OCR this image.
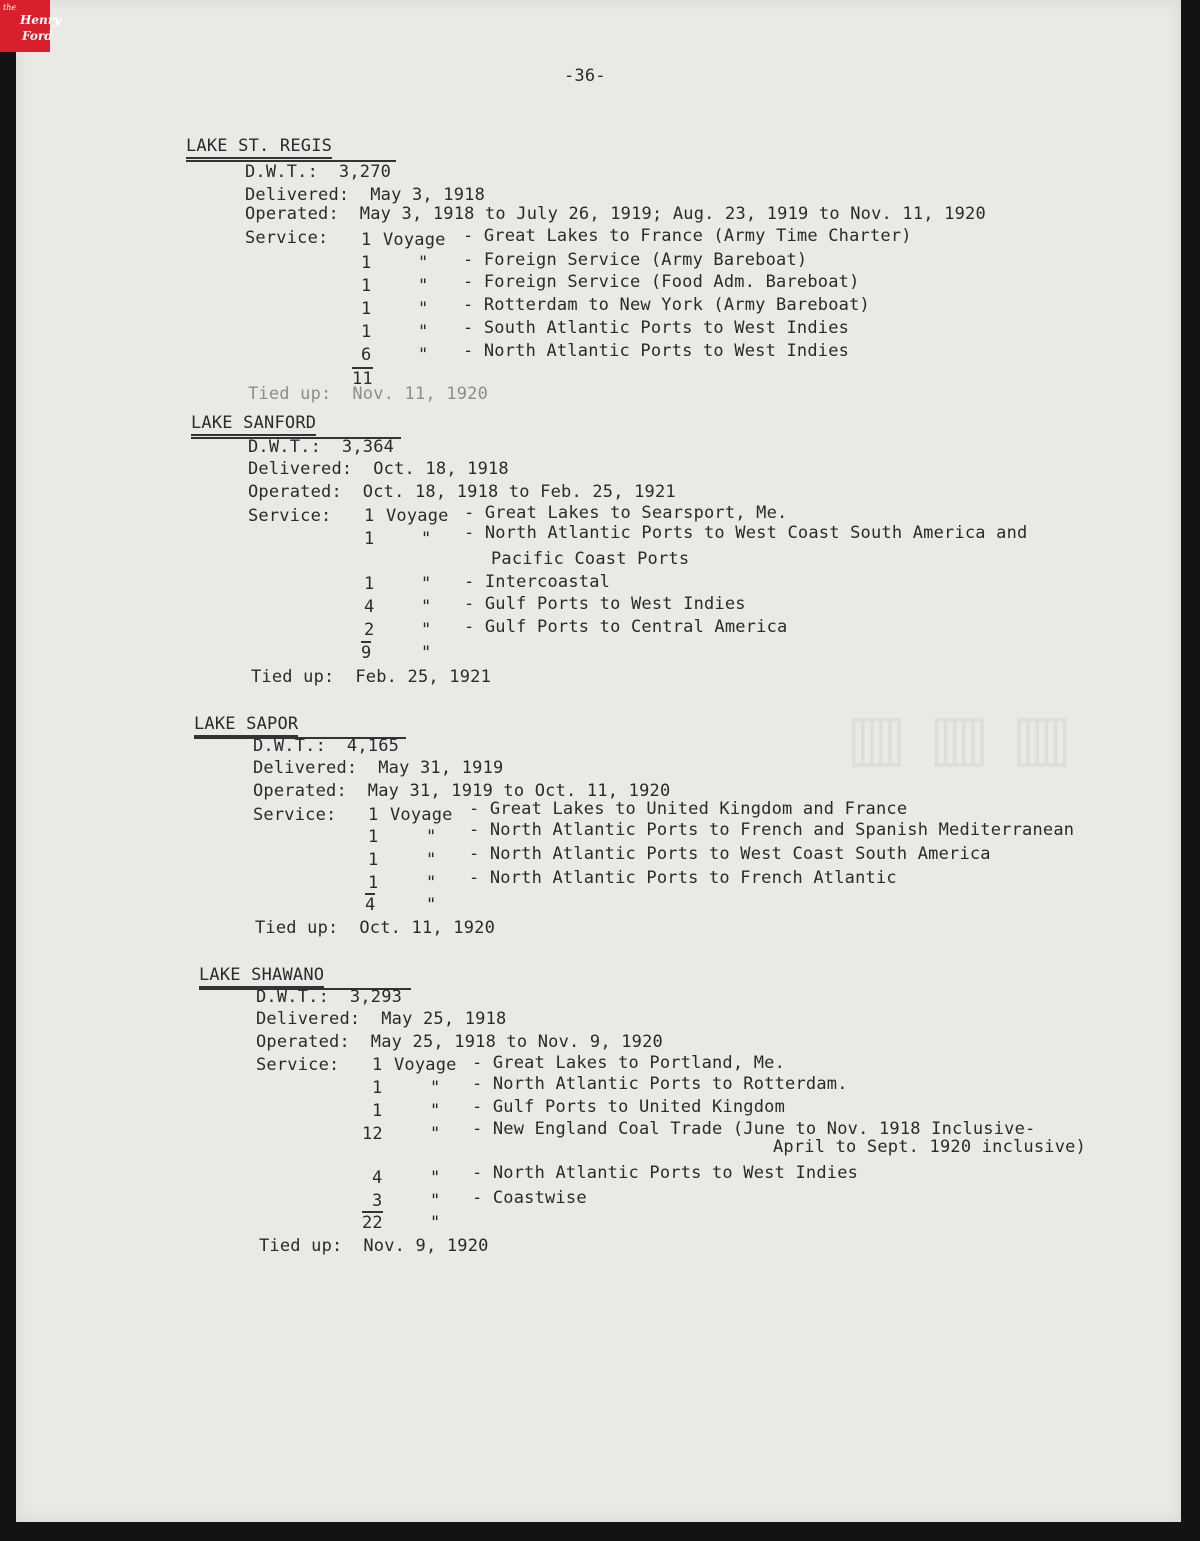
▥ ▥ ▥
-36-
LAKE ST. REGIS
D.W.T.:  3,270
Delivered:  May 3, 1918
Operated:  May 3, 1918 to July 26, 1919; Aug. 23, 1919 to Nov. 11, 1920
Service: 1 Voyage - Great Lakes to France (Army Time Charter)
1	" - Foreign Service (Army Bareboat)
1	" - Foreign Service (Food Adm. Bareboat)
1	" - Rotterdam to New York (Army Bareboat)
1	" - South Atlantic Ports to West Indies
6	" - North Atlantic Ports to West Indies
11
Tied up:  Nov. 11, 1920
LAKE SANFORD
D.W.T.:  3,364
Delivered:  Oct. 18, 1918
Operated:  Oct. 18, 1918 to Feb. 25, 1921
Service: 1 Voyage - Great Lakes to Searsport, Me.
1	" - North Atlantic Ports to West Coast South America and
Pacific Coast Ports
1	" - Intercoastal
4	" - Gulf Ports to West Indies
2	" - Gulf Ports to Central America
9	"
Tied up:  Feb. 25, 1921
LAKE SAPOR
D.W.T.:  4,165
Delivered:  May 31, 1919
Operated:  May 31, 1919 to Oct. 11, 1920
Service: 1 Voyage - Great Lakes to United Kingdom and France
1	" - North Atlantic Ports to French and Spanish Mediterranean
1	" - North Atlantic Ports to West Coast South America
1	" - North Atlantic Ports to French Atlantic
4	"
Tied up:  Oct. 11, 1920
LAKE SHAWANO
D.W.T.:  3,293
Delivered:  May 25, 1918
Operated:  May 25, 1918 to Nov. 9, 1920
Service: 1 Voyage - Great Lakes to Portland, Me.
1	" - North Atlantic Ports to Rotterdam.
1	" - Gulf Ports to United Kingdom
12	" - New England Coal Trade (June to Nov. 1918 Inclusive-
April to Sept. 1920 inclusive)
4	" - North Atlantic Ports to West Indies
3	" - Coastwise
22	"
Tied up:  Nov. 9, 1920
the
Henry
Ford
